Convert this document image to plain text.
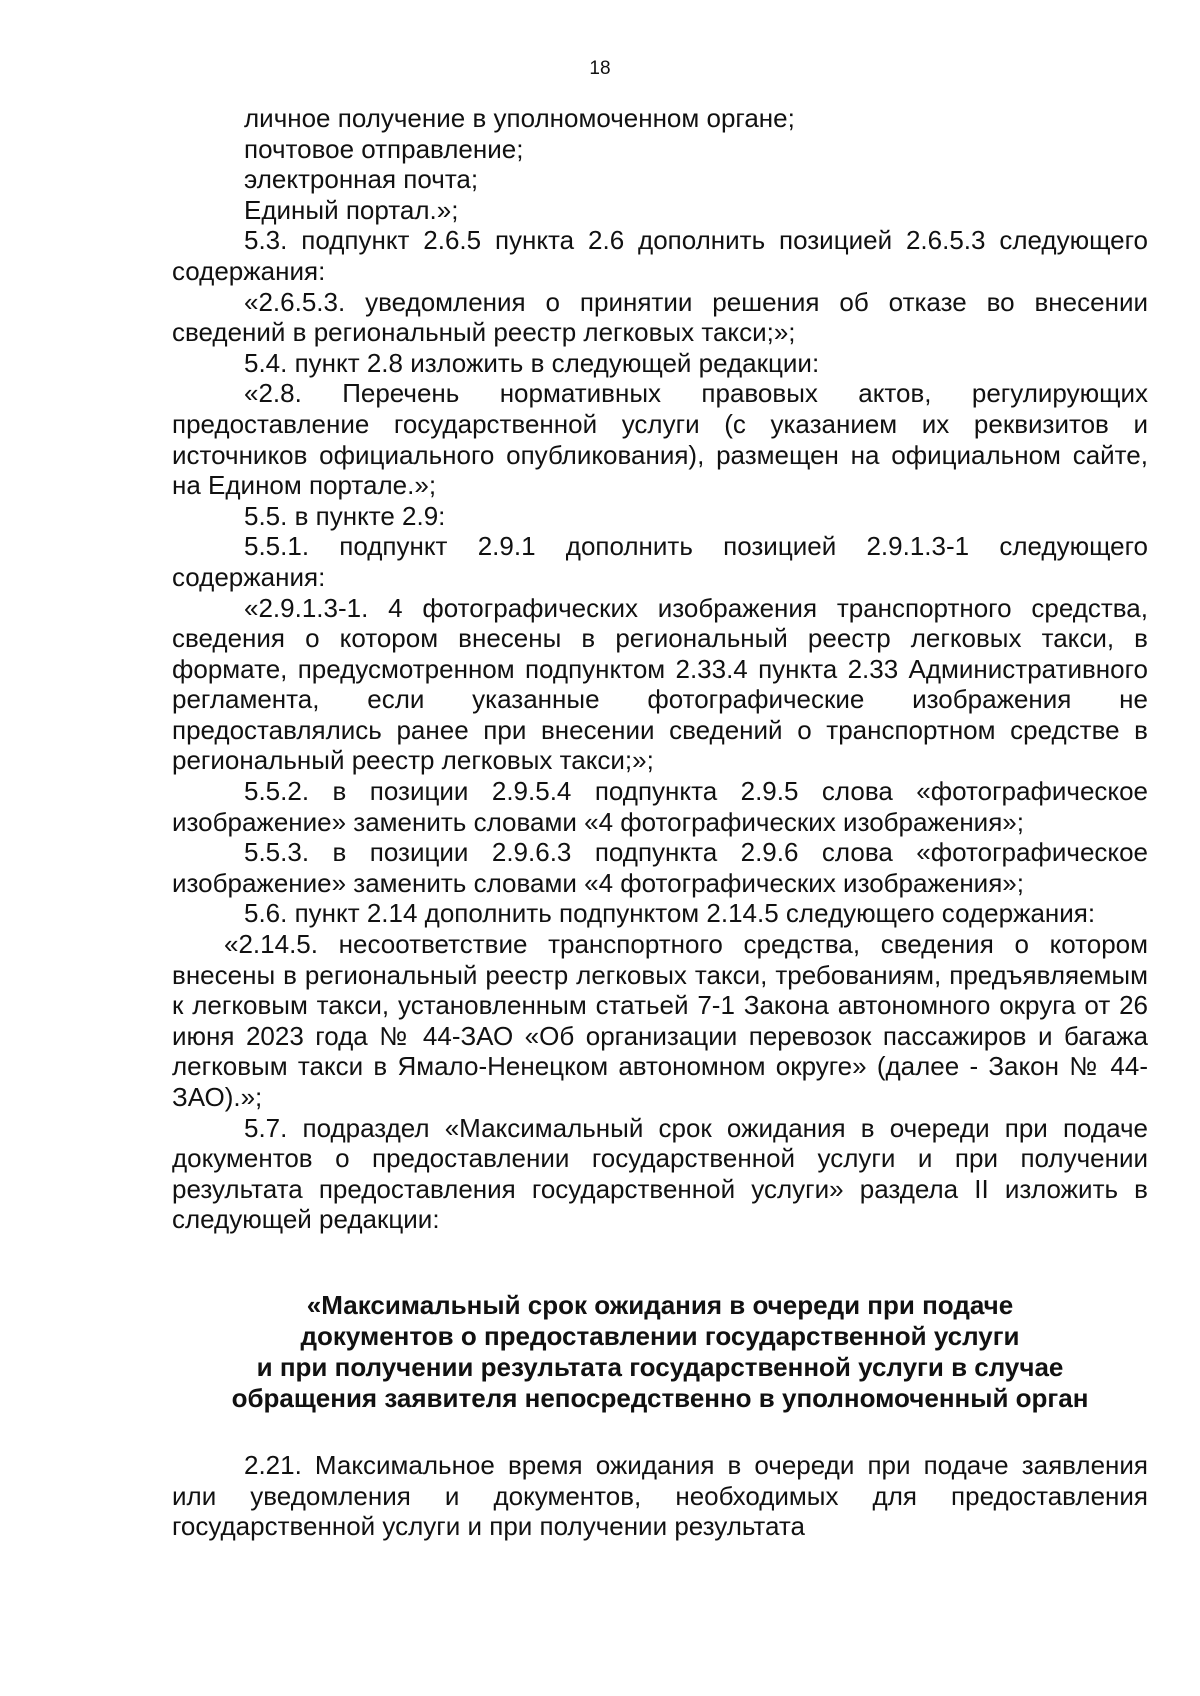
18

личное получение в уполномоченном органе;

почтовое отправление;

электронная почта;

Единый портал.»;

5.3. подпункт 2.6.5 пункта 2.6 дополнить позицией 2.6.5.3 следующего содержания:

«2.6.5.3. уведомления о принятии решения об отказе во внесении сведений в региональный реестр легковых такси;»;

5.4. пункт 2.8 изложить в следующей редакции:

«2.8. Перечень нормативных правовых актов, регулирующих предоставление государственной услуги (с указанием их реквизитов и источников официального опубликования), размещен на официальном сайте, на Едином портале.»;

5.5. в пункте 2.9:

5.5.1. подпункт 2.9.1 дополнить позицией 2.9.1.3-1 следующего содержания:

«2.9.1.3-1. 4 фотографических изображения транспортного средства, сведения о котором внесены в региональный реестр легковых такси, в формате, предусмотренном подпунктом 2.33.4 пункта 2.33 Административного регламента, если указанные фотографические изображения не предоставлялись ранее при внесении сведений о транспортном средстве в региональный реестр легковых такси;»;

5.5.2. в позиции 2.9.5.4 подпункта 2.9.5 слова «фотографическое изображение» заменить словами «4 фотографических изображения»;

5.5.3. в позиции 2.9.6.3 подпункта 2.9.6 слова «фотографическое изображение» заменить словами «4 фотографических изображения»;

5.6. пункт 2.14 дополнить подпунктом 2.14.5 следующего содержания:

«2.14.5. несоответствие транспортного средства, сведения о котором внесены в региональный реестр легковых такси, требованиям, предъявляемым к легковым такси, установленным статьей 7-1 Закона автономного округа от 26 июня 2023 года № 44-ЗАО «Об организации перевозок пассажиров и багажа легковым такси в Ямало-Ненецком автономном округе» (далее - Закон № 44-ЗАО).»;

5.7. подраздел «Максимальный срок ожидания в очереди при подаче документов о предоставлении государственной услуги и при получении результата предоставления государственной услуги» раздела II изложить в следующей редакции:

«Максимальный срок ожидания в очереди при подаче
документов о предоставлении государственной услуги
и при получении результата государственной услуги в случае
обращения заявителя непосредственно в уполномоченный орган

2.21. Максимальное время ожидания в очереди при подаче заявления или уведомления и документов, необходимых для предоставления государственной услуги и при получении результата
